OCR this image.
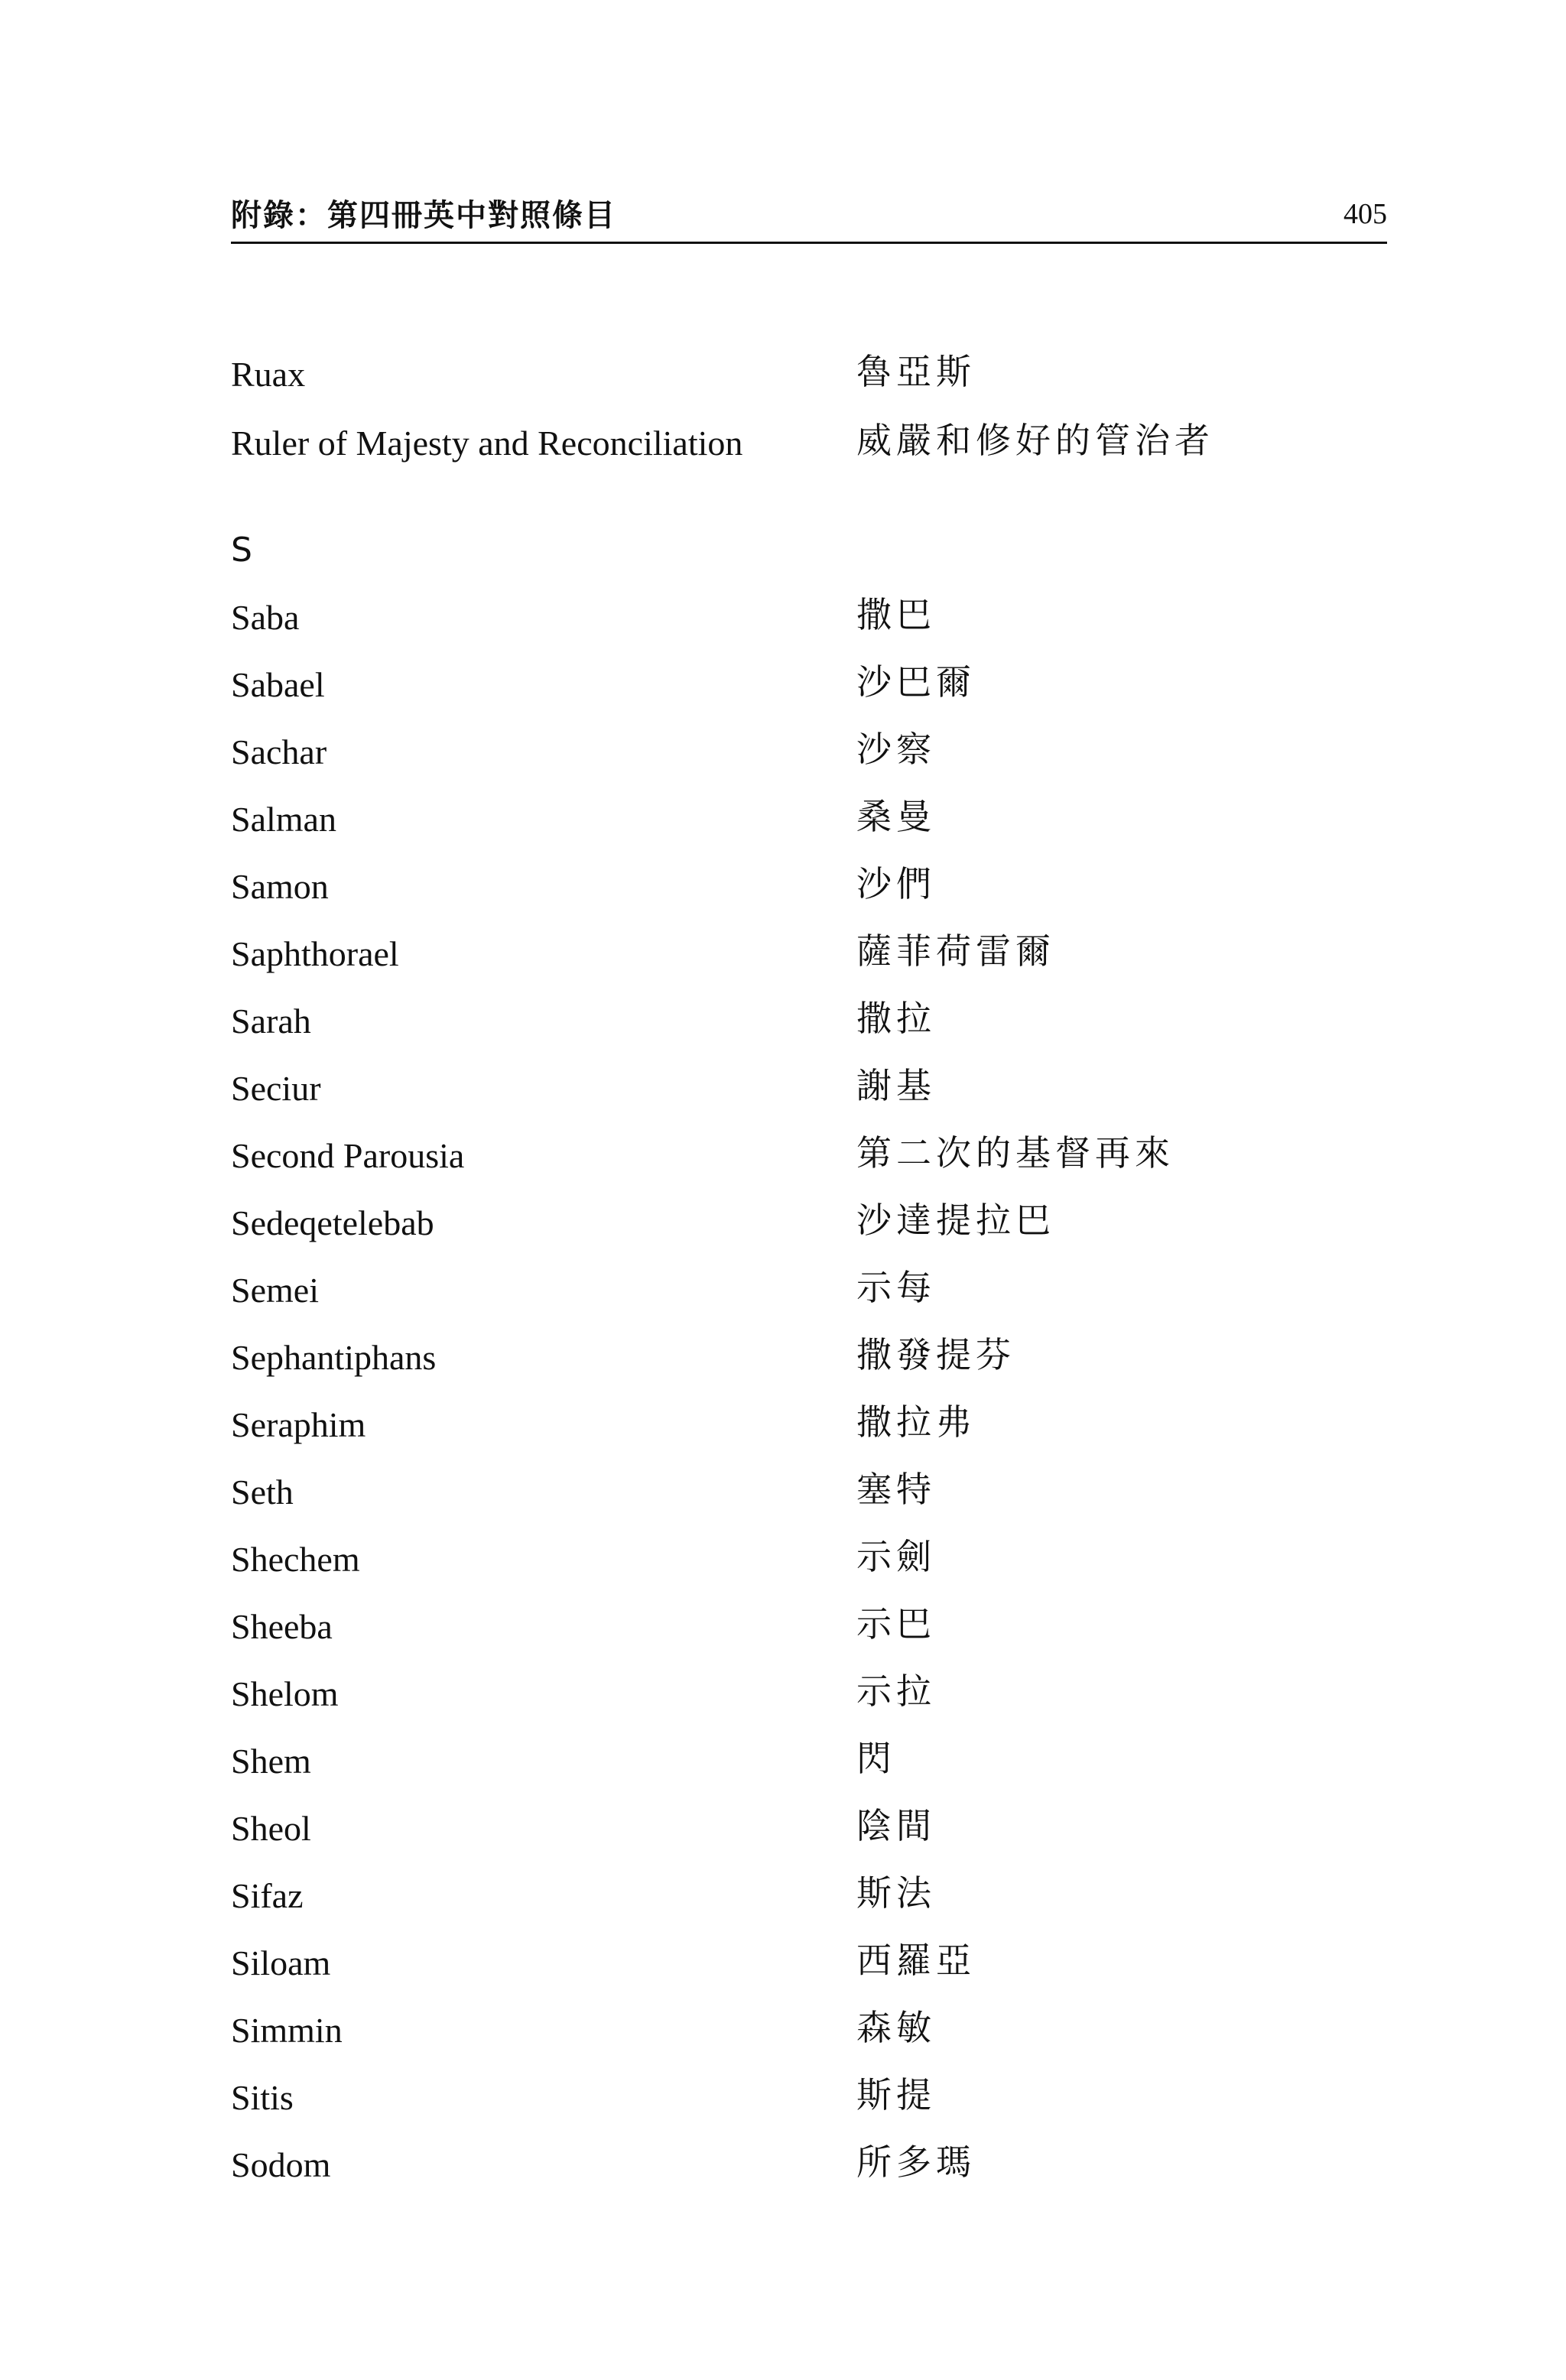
附錄：第四冊英中對照條目	405
Ruax	魯亞斯
Ruler of Majesty and Reconciliation	威嚴和修好的管治者
S
Saba	撒巴
Sabael	沙巴爾
Sachar	沙察
Salman	桑曼
Samon	沙們
Saphthorael	薩菲荷雷爾
Sarah	撒拉
Seciur	謝基
Second Parousia	第二次的基督再來
Sedeqetelebab	沙達提拉巴
Semei	示每
Sephantiphans	撒發提芬
Seraphim	撒拉弗
Seth	塞特
Shechem	示劍
Sheeba	示巴
Shelom	示拉
Shem	閃
Sheol	陰間
Sifaz	斯法
Siloam	西羅亞
Simmin	森敏
Sitis	斯提
Sodom	所多瑪
